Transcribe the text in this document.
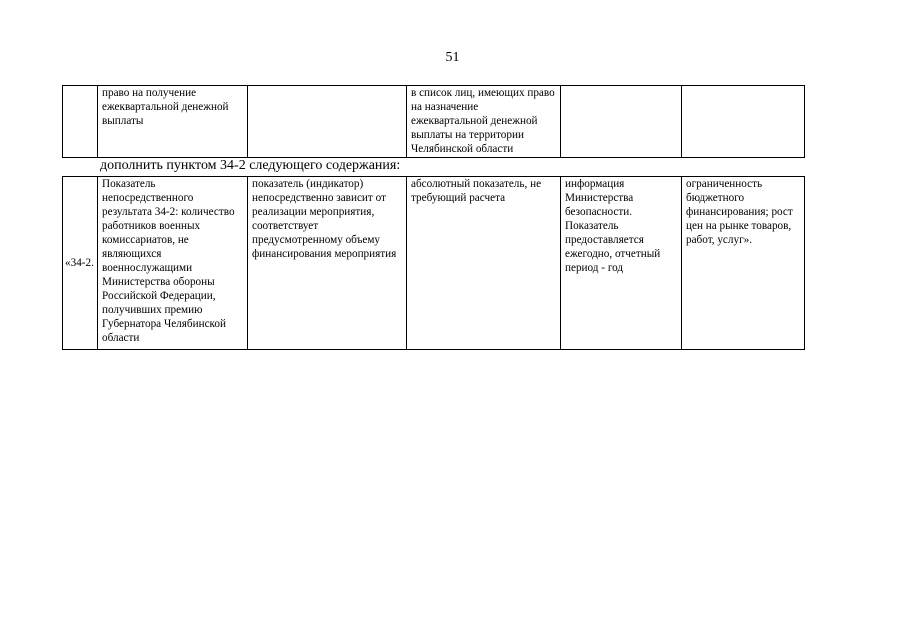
51
	право на получение ежеквартальной денежной выплаты		в список лиц, имеющих право на назначение ежеквартальной денежной выплаты на территории Челябинской области		
дополнить пунктом 34-2 следующего содержания:
«34-2.	Показатель непосредственного результата 34-2: количество работников военных комиссариатов, не являющихся военнослужащими Министерства обороны Российской Федерации, получивших премию Губернатора Челябинской области	показатель (индикатор) непосредственно зависит от реализации мероприятия, соответствует предусмотренному объему финансирования мероприятия	абсолютный показатель, не требующий расчета	информация Министерства безопасности. Показатель предоставляется ежегодно, отчетный период - год	ограниченность бюджетного финансирования; рост цен на рынке товаров, работ, услуг».
